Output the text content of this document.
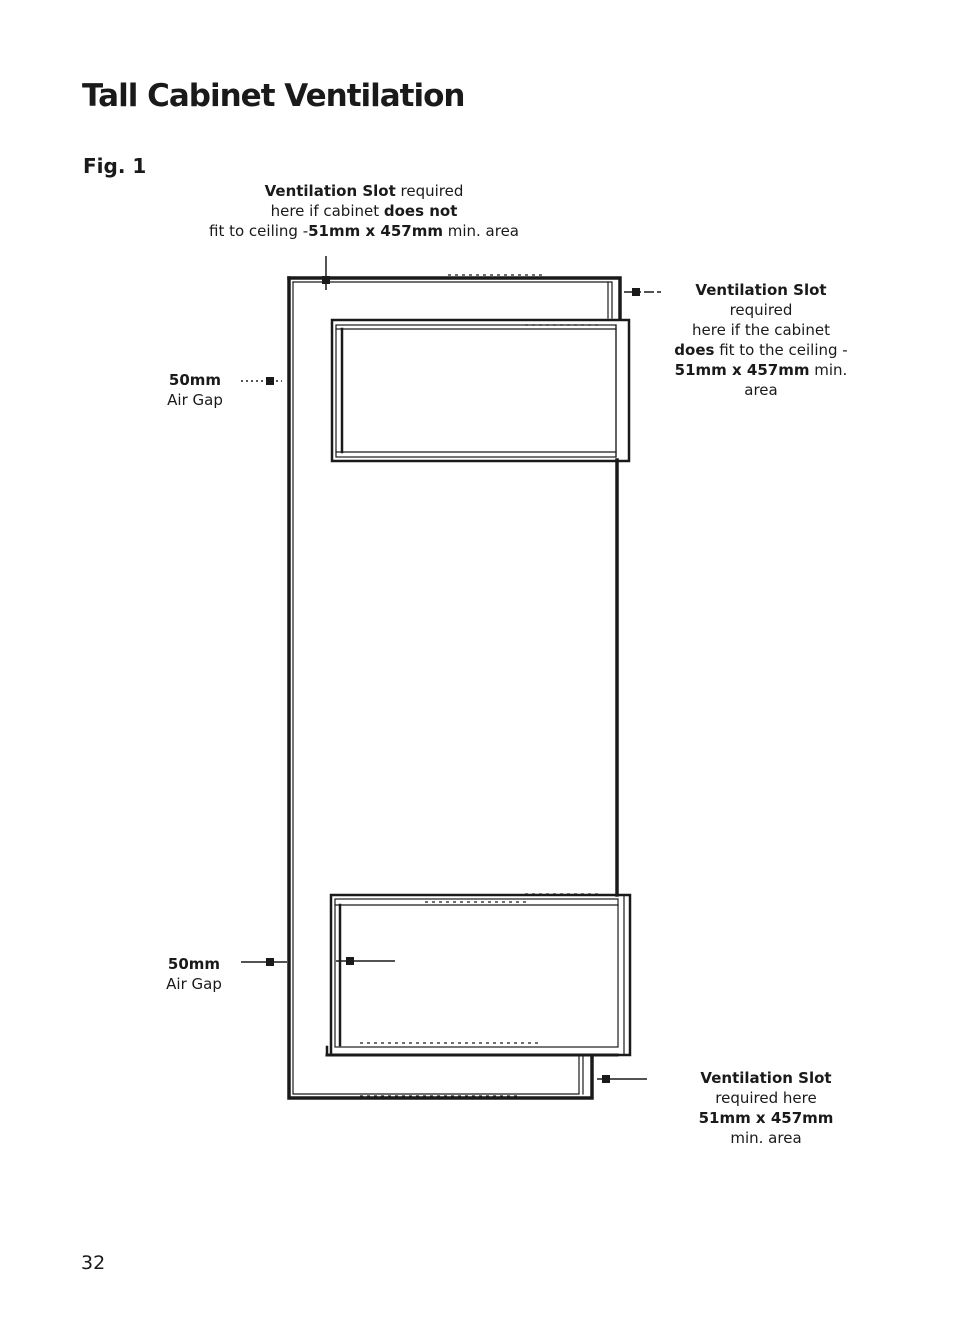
Tall Cabinet Ventilation
Fig. 1
Ventilation Slot required
here if cabinet does not
fit to ceiling -51mm x 457mm min. area
Ventilation Slot
required
here if the cabinet
does fit to the ceiling -
51mm x 457mm min.
area
50mm
Air Gap
50mm
Air Gap
Ventilation Slot
required here
51mm x 457mm
min. area
32
